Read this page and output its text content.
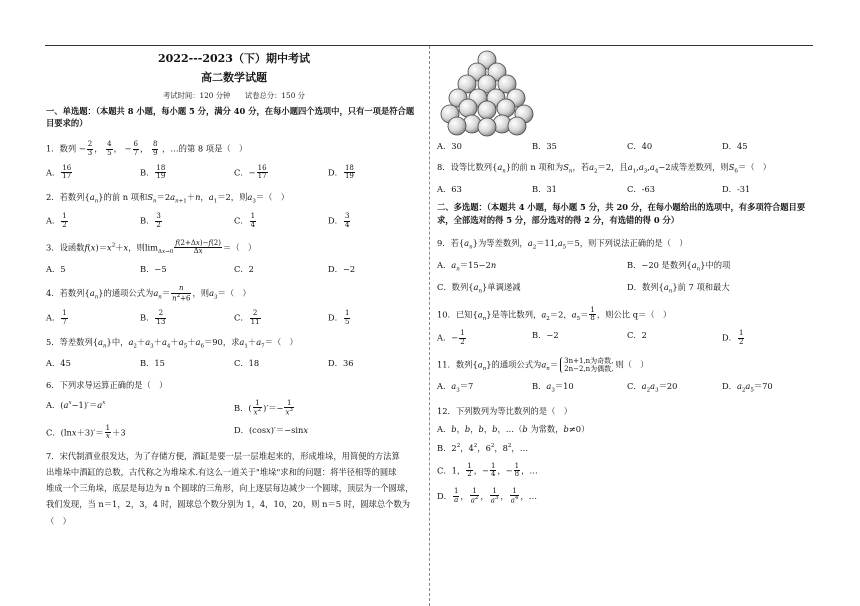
2022---2023（下）期中考试
高二数学试题
考试时间：120 分钟　　试卷总分：150 分
一、单选题：（本题共 8 小题，每小题 5 分，满分 40 分，在每小题四个选项中，只有一项是符合题目要求的）
1．数列 − $\frac{2}{3}$ ， $\frac{4}{5}$ ， − $\frac{6}{7}$ ， $\frac{8}{9}$ ，…的第 8 项是（　）
A． $\frac{16}{17}$	B． $\frac{18}{19}$	C．− $\frac{16}{17}$	D． $\frac{18}{19}$
2．若数列$\{a_n\}$的前 n 项和$S_n=2a_{n+1}+n$，$a_1=2$，则$a_3=$（　）
A． $\frac{1}{2}$	B． $\frac{3}{2}$	C． $\frac{1}{4}$	D． $\frac{3}{4}$
3．设函数$f(x)=x^2+x$，则$\lim_{\Delta x\to 0} \frac{f(2+\Delta x)-f(2)}{\Delta x}$ ＝（　）
A．5	B．−5	C．2	D．−2
4．若数列$\{a_n\}$的通项公式为$a_n= \frac{n}{n^2+6}$ ，则$a_3=$（　）
A． $\frac{1}{7}$	B． $\frac{2}{13}$	C． $\frac{2}{11}$	D． $\frac{1}{5}$
5．等差数列$\{a_n\}$中，$a_2+a_3+a_4+a_5+a_6=90$，求$a_1+a_7=$（　）
A．45	B．15	C．18	D．36
6．下列求导运算正确的是（　）
A．$(a^x-1)'=a^x$	B．( $\frac{1}{x^2}$ )′＝− $\frac{1}{x^3}$
C．$(\ln x+3)'= \frac{1}{x} +3$	D．(cosx)′＝−sinx
7．宋代制酒业很发达，为了存储方便，酒缸是要一层一层堆起来的，形成堆垛，用简便的方法算
出堆垛中酒缸的总数，古代称之为堆垛术.有这么一道关于"堆垛"求和的问题：将半径相等的圆球
堆成一个三角垛，底层是每边为 n 个圆球的三角形，向上逐层每边减少一个圆球，顶层为一个圆球，
我们发现，当 n＝1，2，3，4 时，圆球总个数分别为 1，4，10，20，则 n＝5 时，圆球总个数为（　）
A．30	B．35	C．40	D．45
8．设等比数列$\{a_n\}$的前 n 项和为$S_n$，若$a_2=2$，且$a_1,a_3,a_4-2$成等差数列，则$S_6=$（　）
A．63	B．31	C．-63	D．-31
二、多选题：（本题共 4 小题，每小题 5 分，共 20 分，在每小题给出的选项中，有多项符合题目要求，全部选对的得 5 分，部分选对的得 2 分，有选错的得 0 分）
9．若$\{a_n\}$为等差数列，$a_2=11,a_5=5$，则下列说法正确的是（　）
A．$a_n=15-2n$	B．−20 是数列$\{a_n\}$中的项
C．数列$\{a_n\}$单调递减	D．数列$\{a_n\}$前 7 项和最大
10．已知$\{a_n\}$是等比数列，$a_2=2$，$a_5= \frac{1}{8}$ ，则公比 q＝（　）
A．− $\frac{1}{2}$	B．−2	C．2	D． $\frac{1}{2}$
11．数列$\{a_n\}$的通项公式为$a_n= 3n+1,n$为奇数,
2n−2,n为偶数, 则（　）
A．$a_3=7$	B．$a_3=10$	C．$a_2a_3=20$	D．$a_2a_5=70$
12．下列数列为等比数列的是（　）
A．b，b，b，b，…（b 为常数，b≠0）
B．$2^2$，$4^2$，$6^2$，$8^2$，…
C．1， $\frac{1}{2}$ ，− $\frac{1}{4}$ ，− $\frac{1}{8}$ ，…
D． $\frac{1}{a}$ ， $\frac{1}{a^2}$ ， $\frac{1}{a^3}$ ， $\frac{1}{a^4}$ ，…
